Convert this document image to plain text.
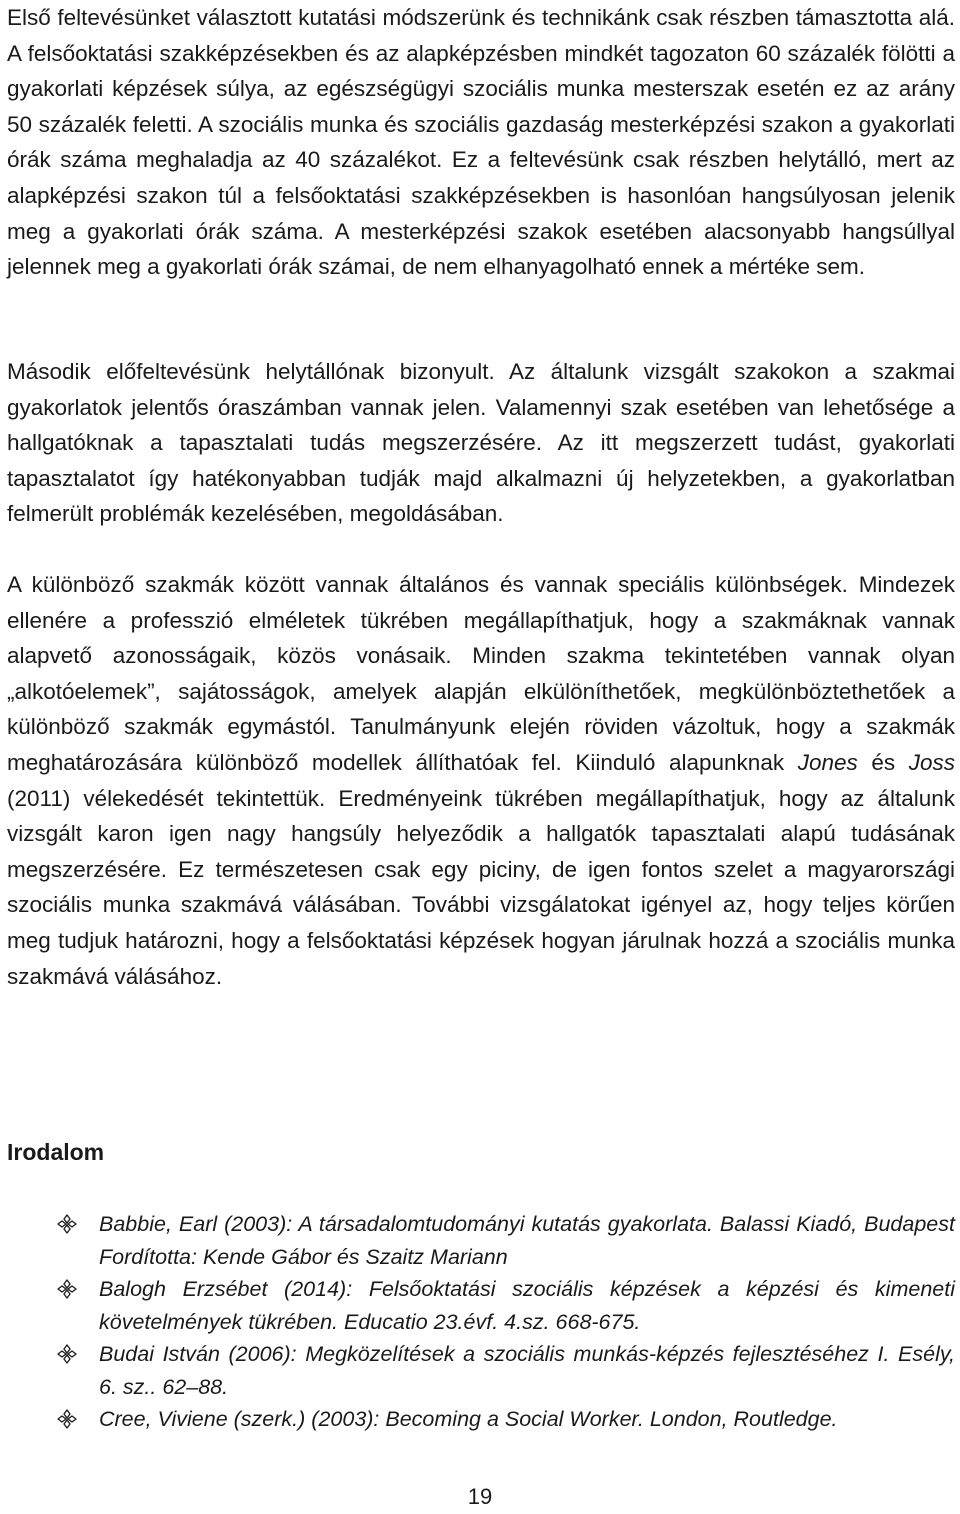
Első feltevésünket választott kutatási módszerünk és technikánk csak részben támasztotta alá. A felsőoktatási szakképzésekben és az alapképzésben mindkét tagozaton 60 százalék fölötti a gyakorlati képzések súlya, az egészségügyi szociális munka mesterszak esetén ez az arány 50 százalék feletti. A szociális munka és szociális gazdaság mesterképzési szakon a gyakorlati órák száma meghaladja az 40 százalékot. Ez a feltevésünk csak részben helytálló, mert az alapképzési szakon túl a felsőoktatási szakképzésekben is hasonlóan hangsúlyosan jelenik meg a gyakorlati órák száma. A mesterképzési szakok esetében alacsonyabb hangsúllyal jelennek meg a gyakorlati órák számai, de nem elhanyagolható ennek a mértéke sem.

Második előfeltevésünk helytállónak bizonyult. Az általunk vizsgált szakokon a szakmai gyakorlatok jelentős óraszámban vannak jelen. Valamennyi szak esetében van lehetősége a hallgatóknak a tapasztalati tudás megszerzésére. Az itt megszerzett tudást, gyakorlati tapasztalatot így hatékonyabban tudják majd alkalmazni új helyzetekben, a gyakorlatban felmerült problémák kezelésében, megoldásában.

A különböző szakmák között vannak általános és vannak speciális különbségek. Mindezek ellenére a professzió elméletek tükrében megállapíthatjuk, hogy a szakmáknak vannak alapvető azonosságaik, közös vonásaik. Minden szakma tekintetében vannak olyan „alkotóelemek”, sajátosságok, amelyek alapján elkülöníthetőek, megkülönböztethetőek a különböző szakmák egymástól. Tanulmányunk elején röviden vázoltuk, hogy a szakmák meghatározására különböző modellek állíthatóak fel. Kiinduló alapunknak Jones és Joss (2011) vélekedését tekintettük. Eredményeink tükrében megállapíthatjuk, hogy az általunk vizsgált karon igen nagy hangsúly helyeződik a hallgatók tapasztalati alapú tudásának megszerzésére. Ez természetesen csak egy piciny, de igen fontos szelet a magyarországi szociális munka szakmává válásában. További vizsgálatokat igényel az, hogy teljes körűen meg tudjuk határozni, hogy a felsőoktatási képzések hogyan járulnak hozzá a szociális munka szakmává válásához.

Irodalom
Babbie, Earl (2003): A társadalomtudományi kutatás gyakorlata. Balassi Kiadó, Budapest Fordította: Kende Gábor és Szaitz Mariann
Balogh Erzsébet (2014): Felsőoktatási szociális képzések a képzési és kimeneti követelmények tükrében. Educatio 23.évf. 4.sz. 668-675.
Budai István (2006): Megközelítések a szociális munkás-képzés fejlesztéséhez I. Esély, 6. sz.. 62–88.
Cree, Viviene (szerk.) (2003): Becoming a Social Worker. London, Routledge.
19
